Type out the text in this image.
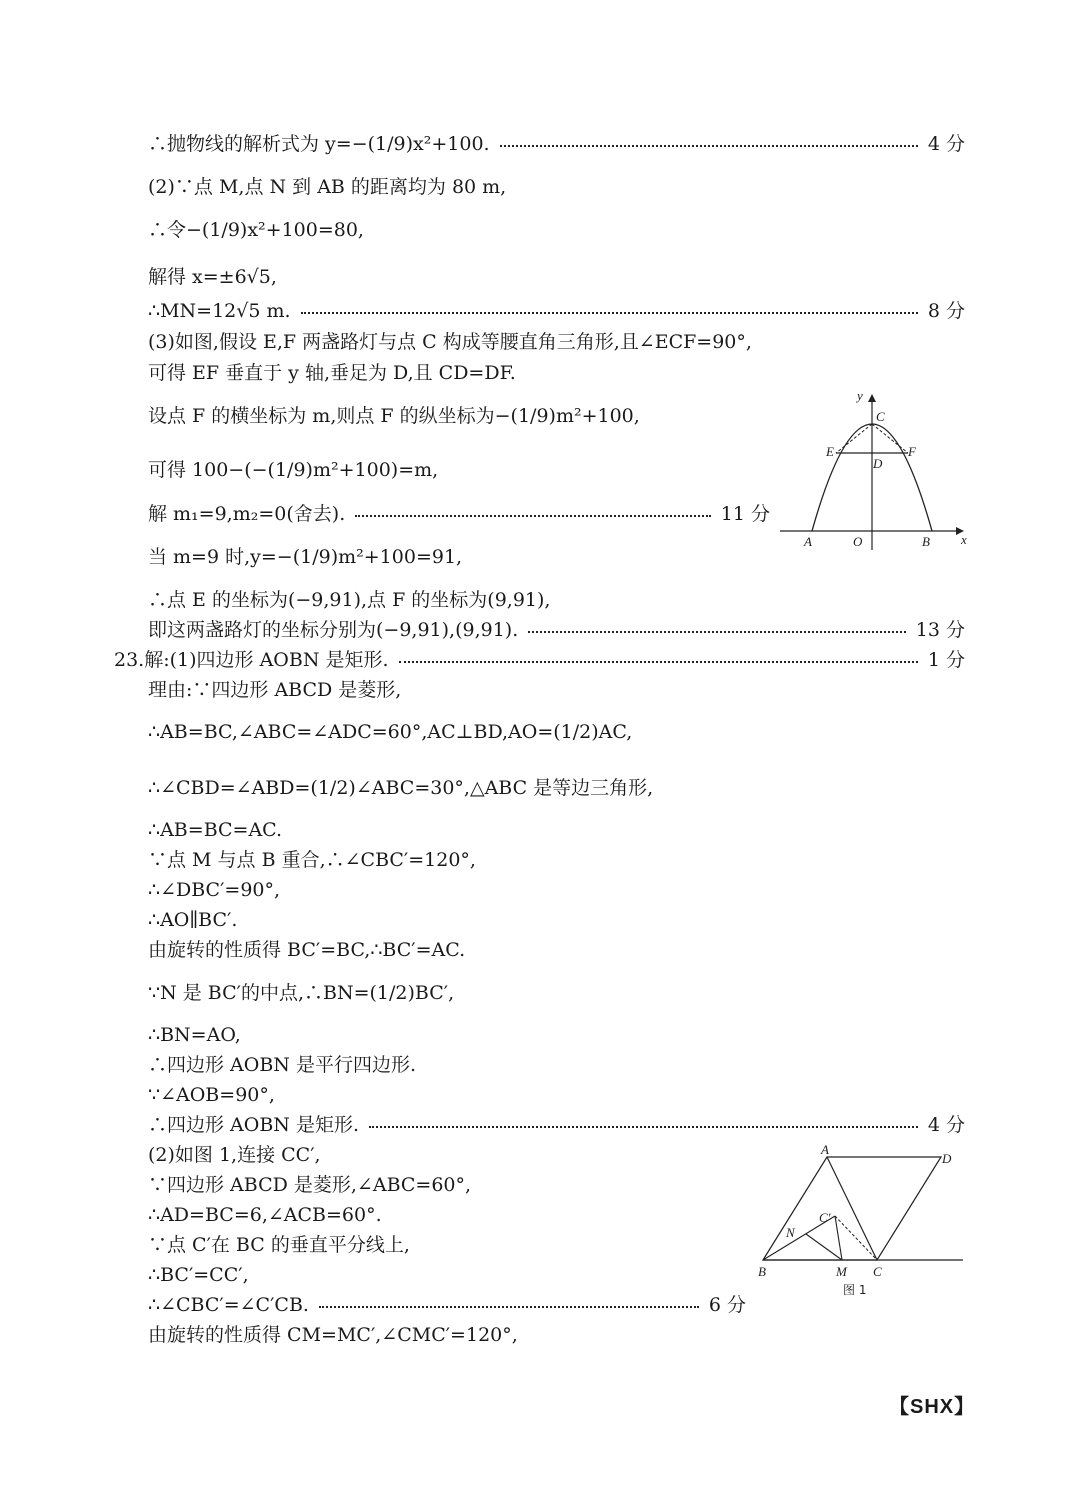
∴抛物线的解析式为 y=−(1/9)x²+100.	4 分
(2)∵点 M,点 N 到 AB 的距离均为 80 m,
∴令−(1/9)x²+100=80,
解得 x=±6√5,
∴MN=12√5 m.	8 分
(3)如图,假设 E,F 两盏路灯与点 C 构成等腰直角三角形,且∠ECF=90°,
可得 EF 垂直于 y 轴,垂足为 D,且 CD=DF.
设点 F 的横坐标为 m,则点 F 的纵坐标为−(1/9)m²+100,
可得 100−(−(1/9)m²+100)=m,
解 m₁=9,m₂=0(舍去).	11 分
当 m=9 时,y=−(1/9)m²+100=91,
∴点 E 的坐标为(−9,91),点 F 的坐标为(9,91),
即这两盏路灯的坐标分别为(−9,91),(9,91).	13 分
23.解:(1)四边形 AOBN 是矩形.	1 分
理由:∵四边形 ABCD 是菱形,
∴AB=BC,∠ABC=∠ADC=60°,AC⊥BD,AO=(1/2)AC,
∴∠CBD=∠ABD=(1/2)∠ABC=30°,△ABC 是等边三角形,
∴AB=BC=AC.
∵点 M 与点 B 重合,∴∠CBC′=120°,
∴∠DBC′=90°,
∴AO∥BC′.
由旋转的性质得 BC′=BC,∴BC′=AC.
∵N 是 BC′的中点,∴BN=(1/2)BC′,
∴BN=AO,
∴四边形 AOBN 是平行四边形.
∵∠AOB=90°,
∴四边形 AOBN 是矩形.	4 分
(2)如图 1,连接 CC′,
∵四边形 ABCD 是菱形,∠ABC=60°,
∴AD=BC=6,∠ACB=60°.
∵点 C′在 BC 的垂直平分线上,
∴BC′=CC′,
∴∠CBC′=∠C′CB.	6 分
由旋转的性质得 CM=MC′,∠CMC′=120°,
y
x
C
E	F
D
A	O	B
A
D
C′
N
B	M C
图 1
【SHX】
